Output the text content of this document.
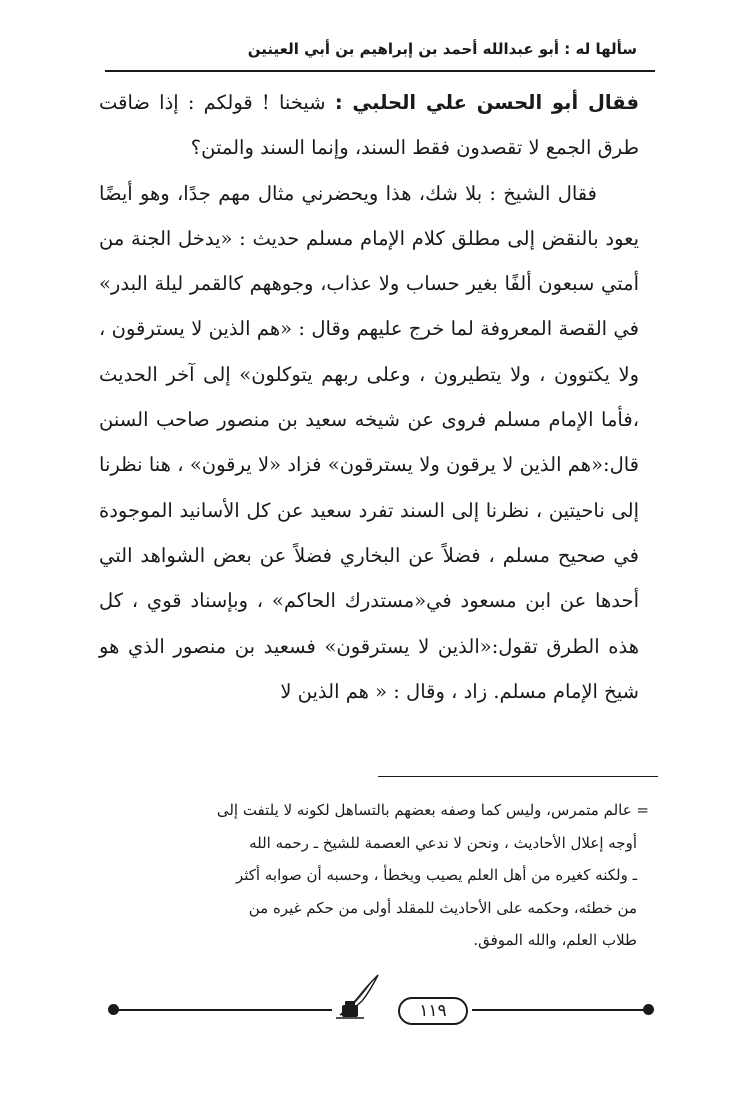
سألها له : أبو عبدالله أحمد بن إبراهيم بن أبي العينين

فقال أبو الحسن علي الحلبي : شيخنا ! قولكم : إذا ضاقت طرق الجمع لا تقصدون فقط السند، وإنما السند والمتن؟

فقال الشيخ : بلا شك، هذا ويحضرني مثال مهم جدًا، وهو أيضًا يعود بالنقض إلى مطلق كلام الإمام مسلم حديث : «يدخل الجنة من أمتي سبعون ألفًا بغير حساب ولا عذاب، وجوههم كالقمر ليلة البدر» في القصة المعروفة لما خرج عليهم وقال : «هم الذين لا يسترقون ، ولا يكتوون ، ولا يتطيرون ، وعلى ربهم يتوكلون» إلى آخر الحديث ،فأما الإمام مسلم فروى عن شيخه سعيد بن منصور صاحب السنن قال:«هم الذين لا يرقون ولا يسترقون» فزاد «لا يرقون» ، هنا نظرنا إلى ناحيتين ، نظرنا إلى السند تفرد سعيد عن كل الأسانيد الموجودة في صحيح مسلم ، فضلاً عن البخاري فضلاً عن بعض الشواهد التي أحدها عن ابن مسعود في«مستدرك الحاكم» ، وبإسناد قوي ، كل هذه الطرق تقول:«الذين لا يسترقون» فسعيد بن منصور الذي هو شيخ الإمام مسلم. زاد ، وقال : « هم الذين لا

= عالم متمرس، وليس كما وصفه بعضهم بالتساهل لكونه لا يلتفت إلى
أوجه إعلال الأحاديث ، ونحن لا ندعي العصمة للشيخ ـ رحمه الله
ـ ولكنه كغيره من أهل العلم يصيب ويخطأ ، وحسبه أن صوابه أكثر
من خطئه، وحكمه على الأحاديث للمقلد أولى من حكم غيره من
طلاب العلم، والله الموفق.
١١٩
